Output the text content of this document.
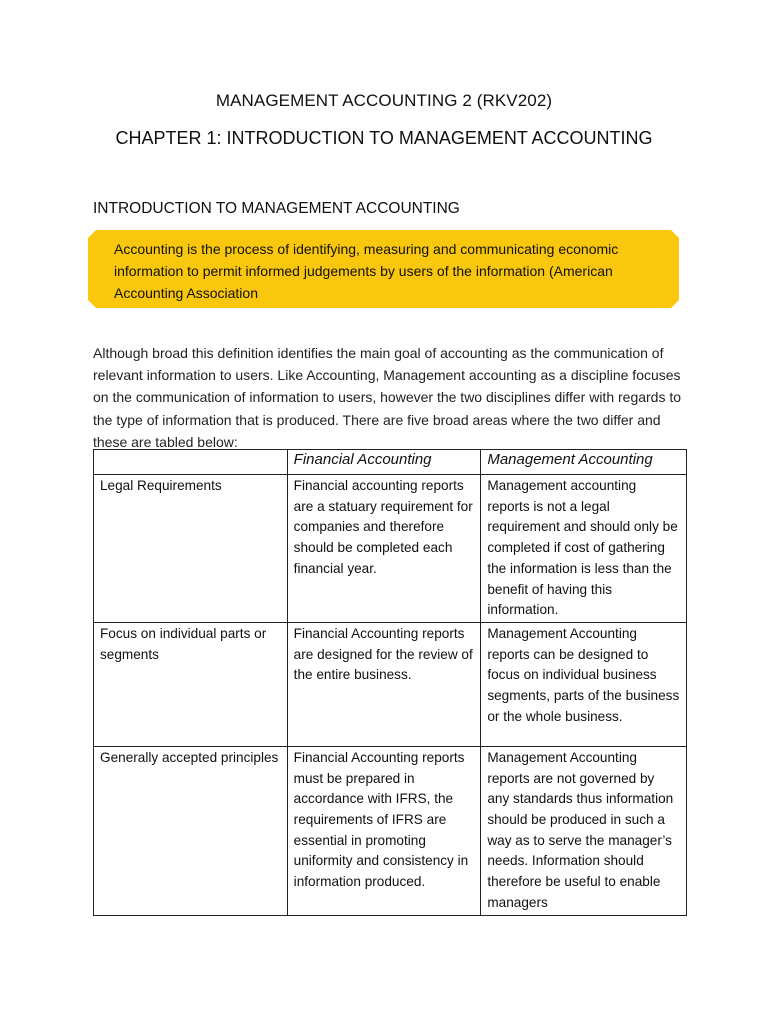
MANAGEMENT ACCOUNTING 2 (RKV202)
CHAPTER 1: INTRODUCTION TO MANAGEMENT ACCOUNTING
INTRODUCTION TO MANAGEMENT ACCOUNTING
Accounting is the process of identifying, measuring and communicating economic information to permit informed judgements by users of the information (American Accounting Association

Although broad this definition identifies the main goal of accounting as the communication of relevant information to users. Like Accounting, Management accounting as a discipline focuses on the communication of information to users, however the two disciplines differ with regards to the type of information that is produced. There are five broad areas where the two differ and these are tabled below:

	Financial Accounting	Management Accounting
Legal Requirements	Financial accounting reports are a statuary requirement for companies and therefore should be completed each financial year.	Management accounting reports is not a legal requirement and should only be completed if cost of gathering the information is less than the benefit of having this information.
Focus on individual parts or segments	Financial Accounting reports are designed for the review of the entire business.	Management Accounting reports can be designed to focus on individual business segments, parts of the business or the whole business.
Generally accepted principles	Financial Accounting reports must be prepared in accordance with IFRS, the requirements of IFRS are essential in promoting uniformity and consistency in information produced.	Management Accounting reports are not governed by any standards thus information should be produced in such a way as to serve the manager’s needs. Information should therefore be useful to enable managers
